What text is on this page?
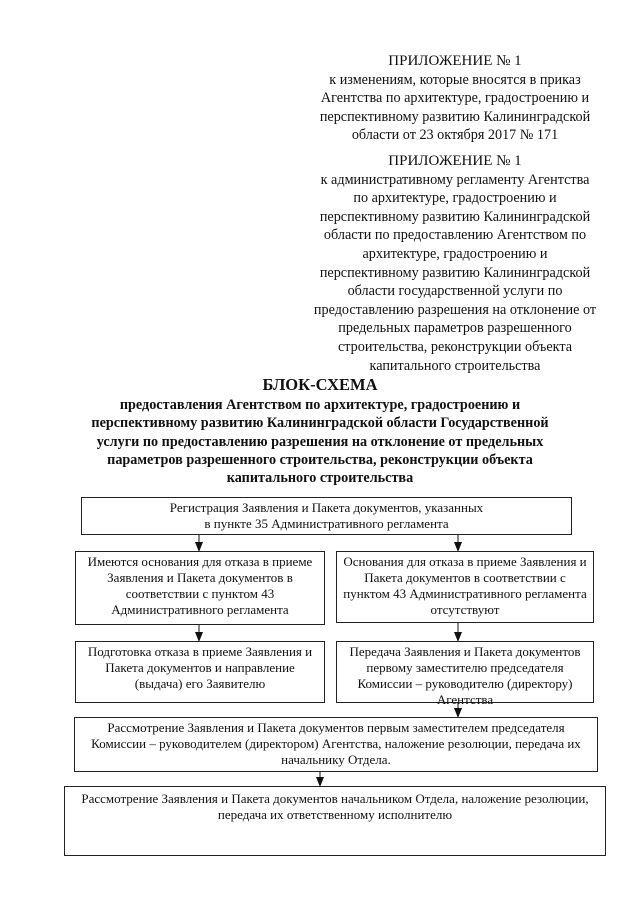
ПРИЛОЖЕНИЕ № 1
к изменениям, которые вносятся в приказ
Агентства по архитектуре, градостроению и
перспективному развитию Калининградской
области от 23 октября 2017 № 171
ПРИЛОЖЕНИЕ № 1
к административному регламенту Агентства
по архитектуре, градостроению и
перспективному развитию Калининградской
области по предоставлению Агентством по
архитектуре, градостроению и
перспективному развитию Калининградской
области государственной услуги по
предоставлению разрешения на отклонение от
предельных параметров разрешенного
строительства, реконструкции объекта
капитального строительства
БЛОК-СХЕМА
предоставления Агентством по архитектуре, градостроению и
перспективному развитию Калининградской области Государственной
услуги по предоставлению разрешения на отклонение от предельных
параметров разрешенного строительства, реконструкции объекта
капитального строительства
Регистрация Заявления и Пакета документов, указанных
в пункте 35 Административного регламента
Имеются основания для отказа в приеме
Заявления и Пакета документов в
соответствии с пунктом 43
Административного регламента
Основания для отказа в приеме Заявления и
Пакета документов в соответствии с
пунктом 43 Административного регламента
отсутствуют
Подготовка отказа в приеме Заявления и
Пакета документов и направление
(выдача) его Заявителю
Передача Заявления и Пакета документов
первому заместителю председателя
Комиссии – руководителю (директору)
Агентства
Рассмотрение Заявления и Пакета документов первым заместителем председателя
Комиссии – руководителем (директором) Агентства, наложение резолюции, передача их
начальнику Отдела.
Рассмотрение Заявления и Пакета документов начальником Отдела, наложение резолюции,
передача их ответственному исполнителю
